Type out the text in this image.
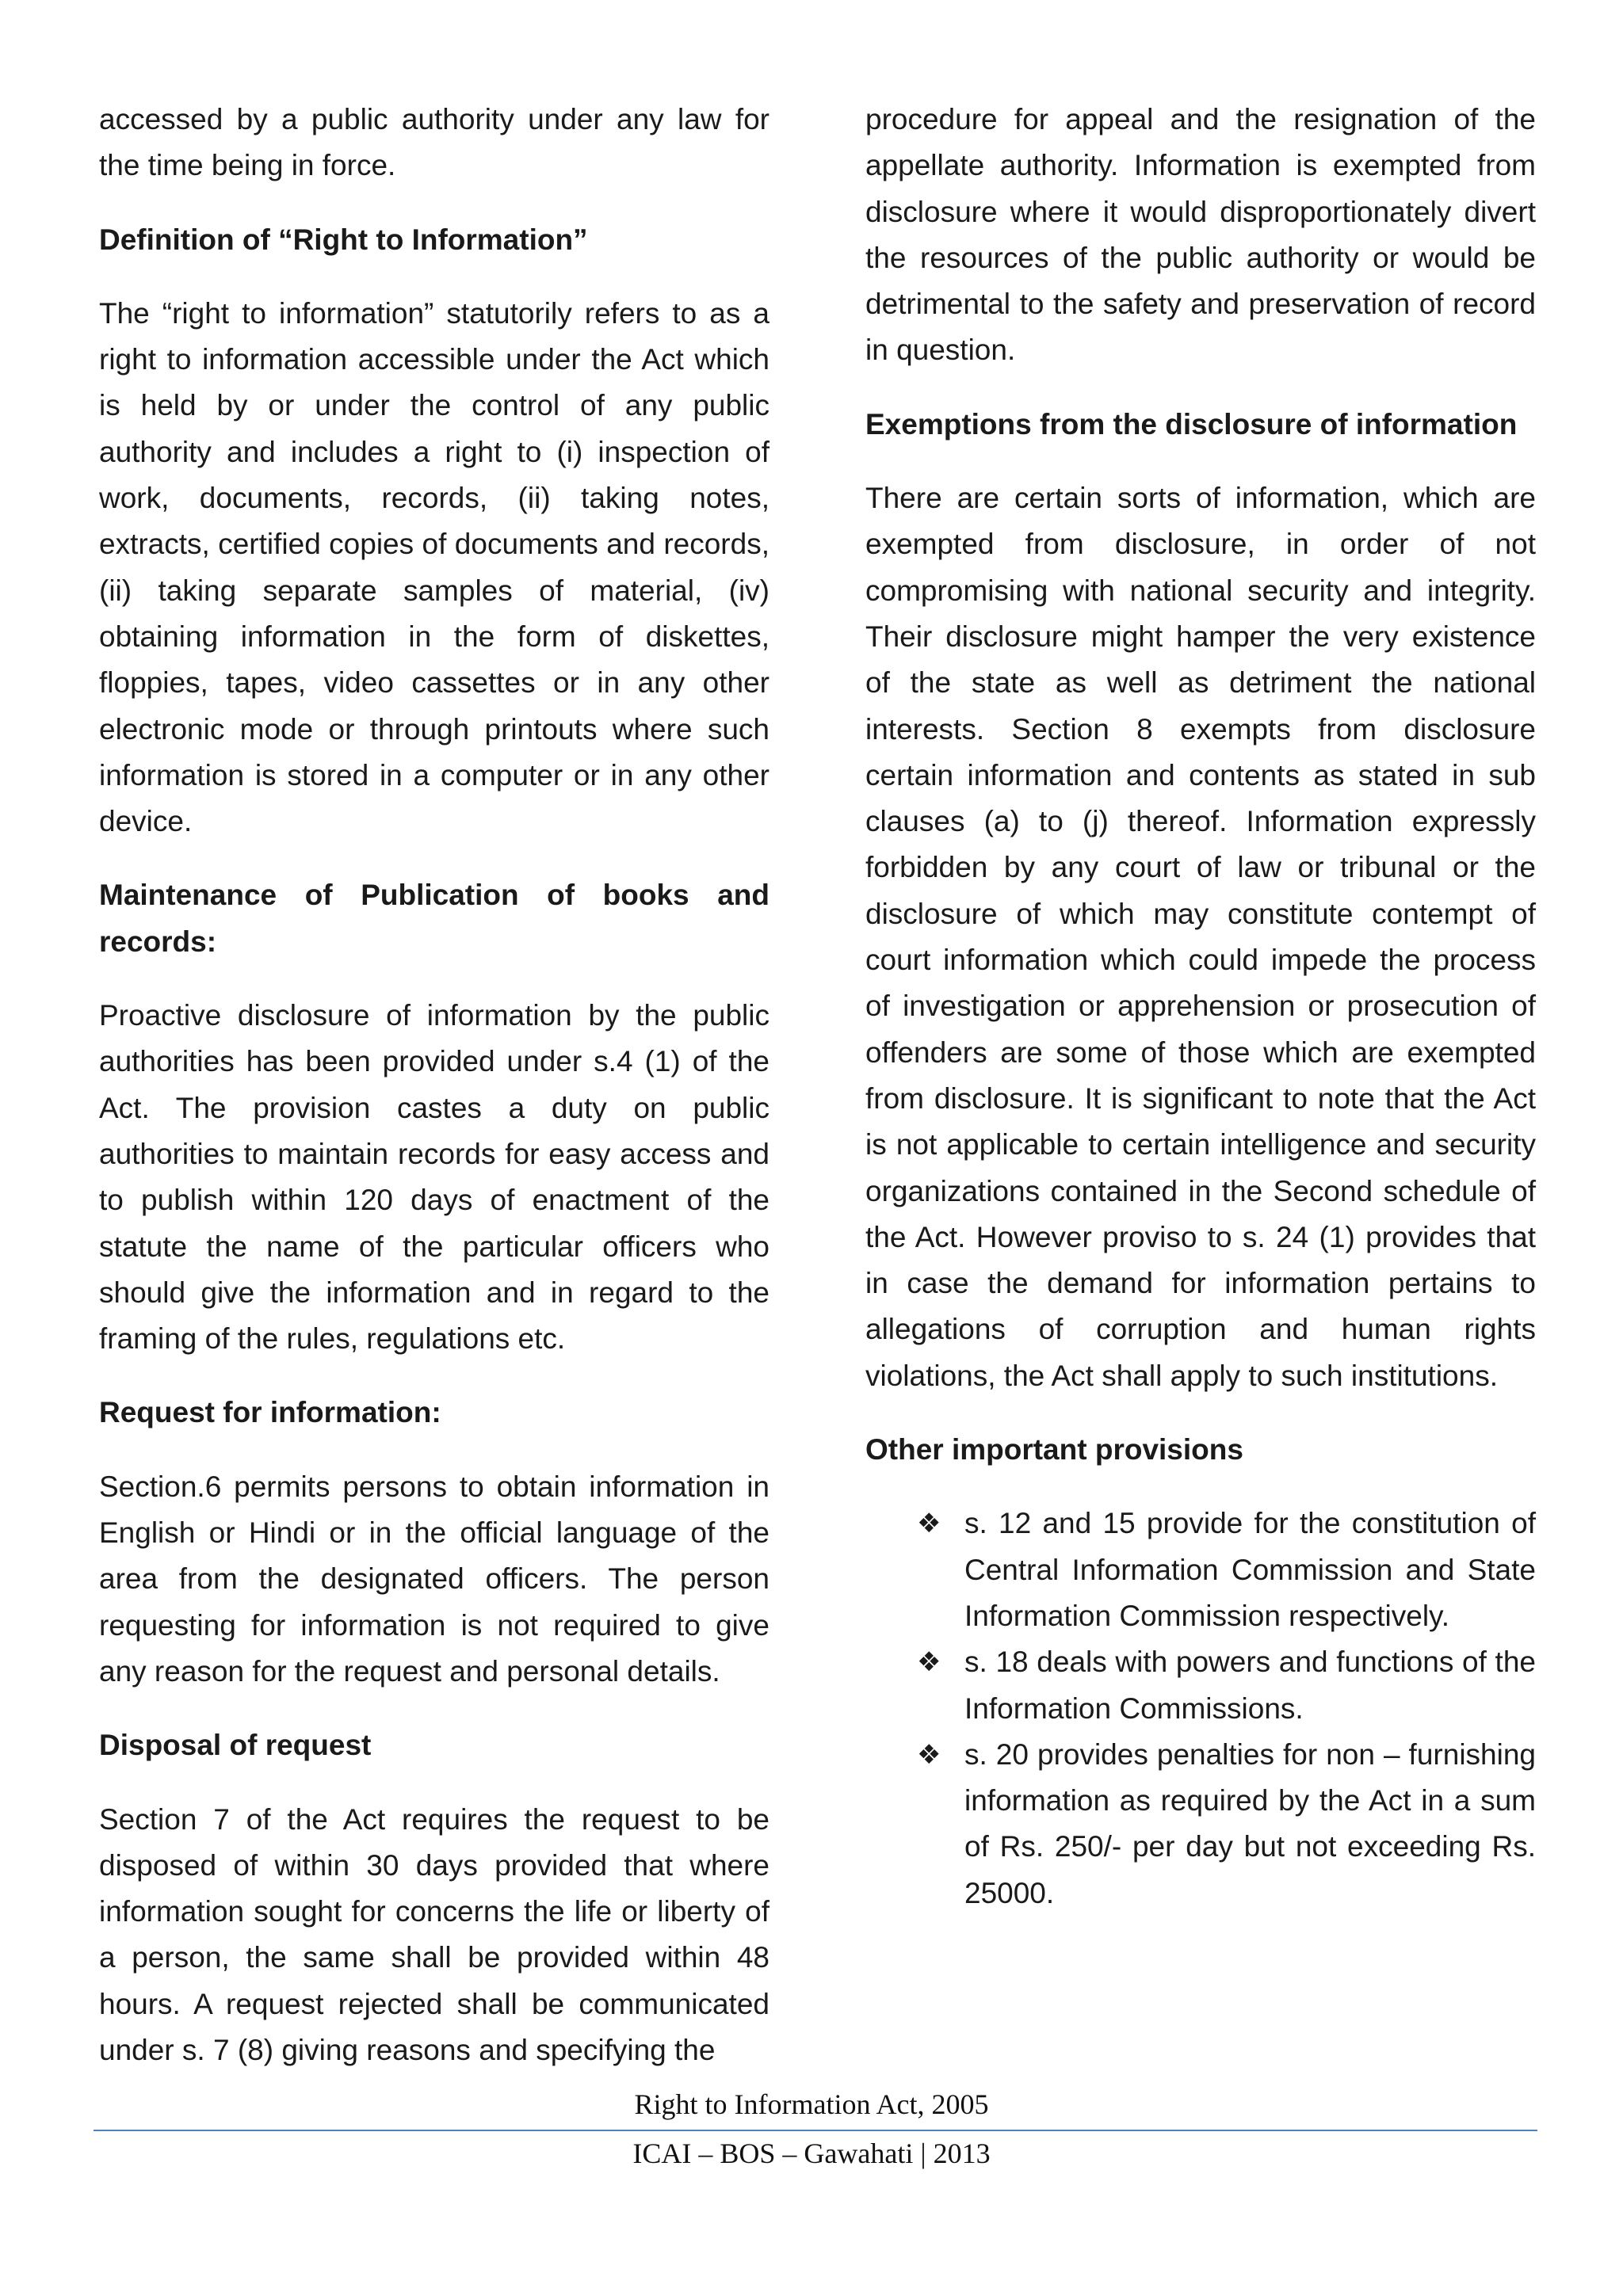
accessed by a public authority under any law for the time being in force.

Definition of “Right to Information”

The “right to information” statutorily refers to as a right to information accessible under the Act which is held by or under the control of any public authority and includes a right to (i) inspection of work, documents, records, (ii) taking notes, extracts, certified copies of documents and records, (ii) taking separate samples of material, (iv) obtaining information in the form of diskettes, floppies, tapes, video cassettes or in any other electronic mode or through printouts where such information is stored in a computer or in any other device.

Maintenance of Publication of books and records:

Proactive disclosure of information by the public authorities has been provided under s.4 (1) of the Act. The provision castes a duty on public authorities to maintain records for easy access and to publish within 120 days of enactment of the statute the name of the particular officers who should give the information and in regard to the framing of the rules, regulations etc.

Request for information:

Section.6 permits persons to obtain information in English or Hindi or in the official language of the area from the designated officers. The person requesting for information is not required to give any reason for the request and personal details.

Disposal of request

Section 7 of the Act requires the request to be disposed of within 30 days provided that where information sought for concerns the life or liberty of a person, the same shall be provided within 48 hours. A request rejected shall be communicated under s. 7 (8) giving reasons and specifying the

procedure for appeal and the resignation of the appellate authority. Information is exempted from disclosure where it would disproportionately divert the resources of the public authority or would be detrimental to the safety and preservation of record in question.

Exemptions from the disclosure of information

There are certain sorts of information, which are exempted from disclosure, in order of not compromising with national security and integrity. Their disclosure might hamper the very existence of the state as well as detriment the national interests. Section 8 exempts from disclosure certain information and contents as stated in sub clauses (a) to (j) thereof. Information expressly forbidden by any court of law or tribunal or the disclosure of which may constitute contempt of court information which could impede the process of investigation or apprehension or prosecution of offenders are some of those which are exempted from disclosure. It is significant to note that the Act is not applicable to certain intelligence and security organizations contained in the Second schedule of the Act. However proviso to s. 24 (1) provides that in case the demand for information pertains to allegations of corruption and human rights violations, the Act shall apply to such institutions.

Other important provisions
❖ s. 12 and 15 provide for the constitution of Central Information Commission and State Information Commission respectively.
❖ s. 18 deals with powers and functions of the Information Commissions.
❖ s. 20 provides penalties for non – furnishing information as required by the Act in a sum of Rs. 250/- per day but not exceeding Rs. 25000.
Right to Information Act, 2005
ICAI – BOS – Gawahati | 2013
